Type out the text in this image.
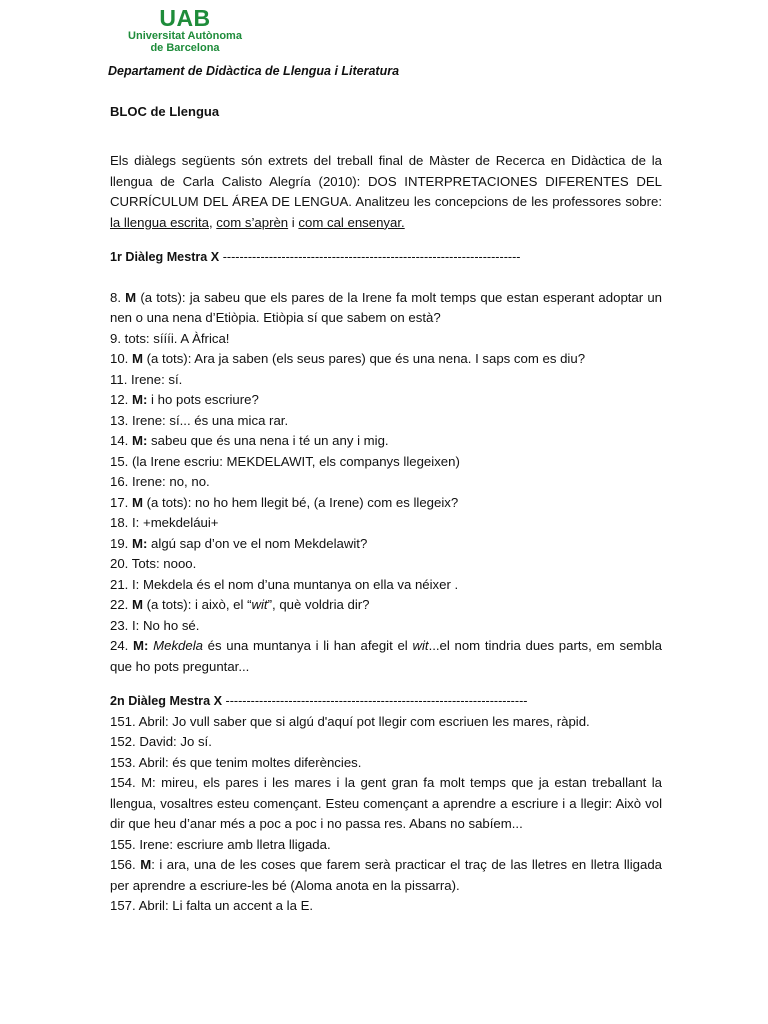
UAB
Universitat Autònoma
de Barcelona
Departament de Didàctica de Llengua i Literatura
BLOC de Llengua

Els diàlegs següents són extrets del treball final de Màster de Recerca en Didàctica de la llengua de Carla Calisto Alegría (2010): DOS INTERPRETACIONES DIFERENTES DEL CURRÍCULUM DEL ÁREA DE LENGUA. Analitzeu les concepcions de les professores sobre: la llengua escrita, com s’aprèn i com cal ensenyar.

1r Diàleg Mestra X -----------------------------------------------------------------------

8. M (a tots): ja sabeu que els pares de la Irene fa molt temps que estan esperant adoptar un nen o una nena d’Etiòpia. Etiòpia sí que sabem on està?

9. tots: síííi. A Àfrica!

10. M (a tots): Ara ja saben (els seus pares) que és una nena. I saps com es diu?

11. Irene: sí.

12. M: i ho pots escriure?

13. Irene: sí... és una mica rar.

14. M: sabeu que és una nena i té un any i mig.

15. (la Irene escriu: MEKDELAWIT, els companys llegeixen)

16. Irene: no, no.

17. M (a tots): no ho hem llegit bé, (a Irene) com es llegeix?

18. I: +mekdeláui+

19. M: algú sap d’on ve el nom Mekdelawit?

20. Tots: nooo.

21. I: Mekdela és el nom d’una muntanya on ella va néixer .

22. M (a tots): i això, el “wit”, què voldria dir?

23. I: No ho sé.

24. M: Mekdela és una muntanya i li han afegit el wit...el nom tindria dues parts, em sembla que ho pots preguntar...

2n Diàleg Mestra X ------------------------------------------------------------------------

151. Abril: Jo vull saber que si algú d'aquí pot llegir com escriuen les mares, ràpid.

152. David: Jo sí.

153. Abril: és que tenim moltes diferències.

154. M: mireu, els pares i les mares i la gent gran fa molt temps que ja estan treballant la llengua, vosaltres esteu començant. Esteu començant a aprendre a escriure i a llegir: Això vol dir que heu d’anar més a poc a poc i no passa res. Abans no sabíem...

155. Irene: escriure amb lletra lligada.

156. M: i ara, una de les coses que farem serà practicar el traç de las lletres en lletra lligada per aprendre a escriure-les bé (Aloma anota en la pissarra).

157. Abril: Li falta un accent a la E.
